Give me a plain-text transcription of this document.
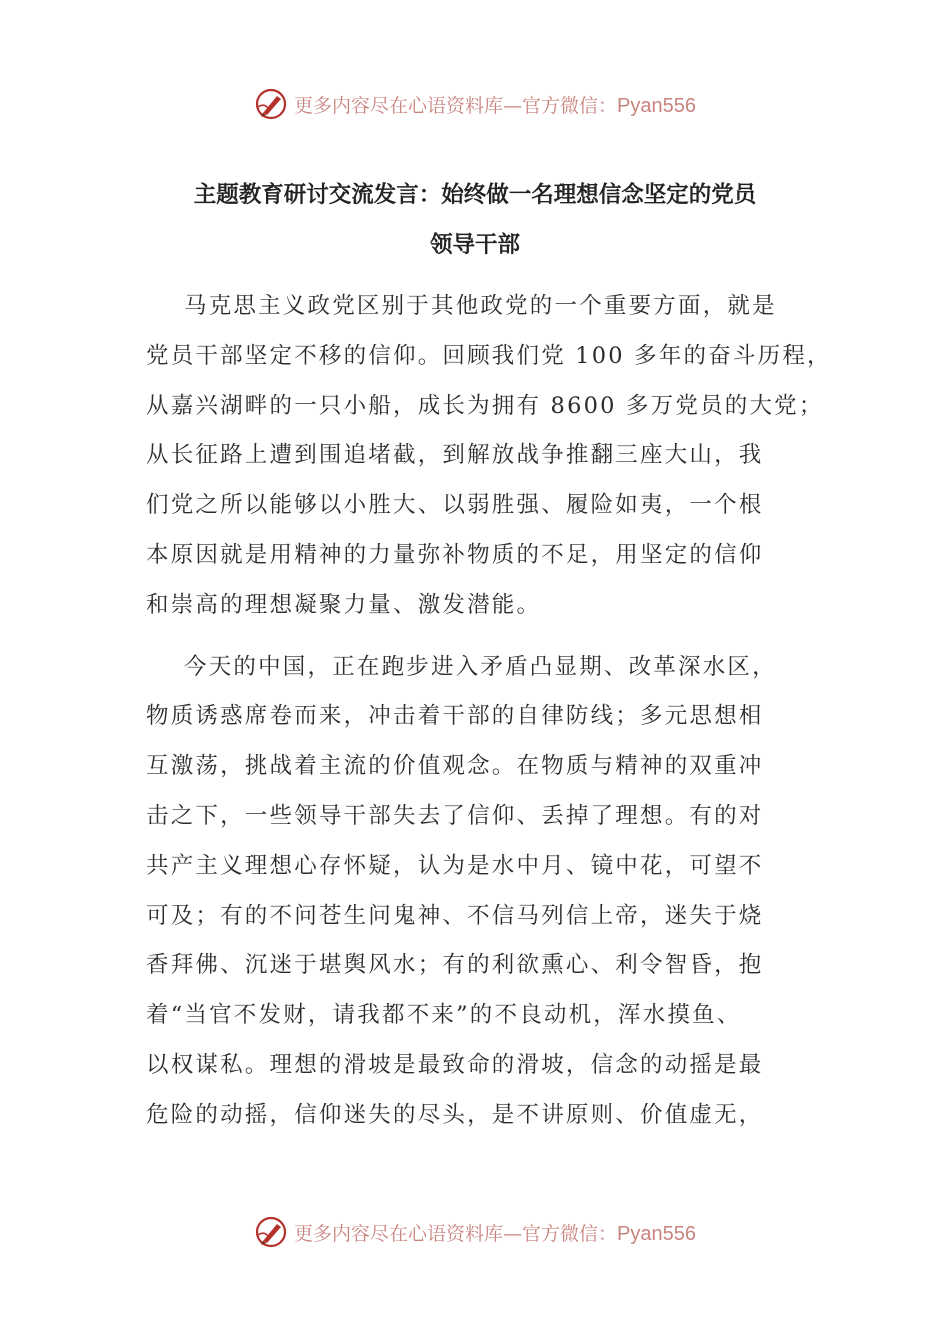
更多内容尽在心语资料库—官方微信：Pyan556
主题教育研讨交流发言：始终做一名理想信念坚定的党员
领导干部

马克思主义政党区别于其他政党的一个重要方面，就是
党员干部坚定不移的信仰。回顾我们党 100 多年的奋斗历程，
从嘉兴湖畔的一只小船，成长为拥有 8600 多万党员的大党；
从长征路上遭到围追堵截，到解放战争推翻三座大山，我
们党之所以能够以小胜大、以弱胜强、履险如夷，一个根
本原因就是用精神的力量弥补物质的不足，用坚定的信仰
和崇高的理想凝聚力量、激发潜能。

今天的中国，正在跑步进入矛盾凸显期、改革深水区，
物质诱惑席卷而来，冲击着干部的自律防线；多元思想相
互激荡，挑战着主流的价值观念。在物质与精神的双重冲
击之下，一些领导干部失去了信仰、丢掉了理想。有的对
共产主义理想心存怀疑，认为是水中月、镜中花，可望不
可及；有的不问苍生问鬼神、不信马列信上帝，迷失于烧
香拜佛、沉迷于堪舆风水；有的利欲熏心、利令智昏，抱
着“当官不发财，请我都不来”的不良动机，浑水摸鱼、
以权谋私。理想的滑坡是最致命的滑坡，信念的动摇是最
危险的动摇，信仰迷失的尽头，是不讲原则、价值虚无，

更多内容尽在心语资料库—官方微信：Pyan556
